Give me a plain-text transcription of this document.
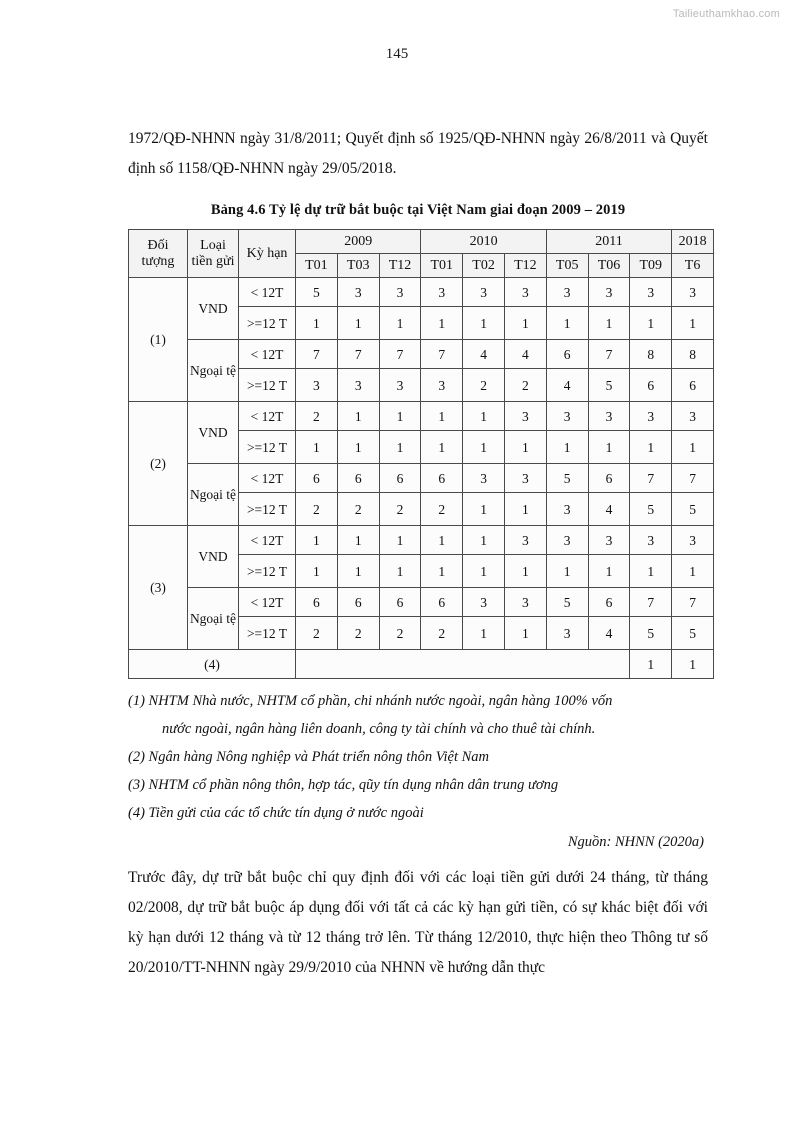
Tailieuthamkhao.com
145

1972/QĐ-NHNN ngày 31/8/2011; Quyết định số 1925/QĐ-NHNN ngày 26/8/2011 và Quyết định số 1158/QĐ-NHNN ngày 29/05/2018.

Bảng 4.6 Tỷ lệ dự trữ bắt buộc tại Việt Nam giai đoạn 2009 – 2019

Đối tượng	Loại tiền gửi	Kỳ hạn	2009			2010			2011			2018
			T01	T03	T12	T01	T02	T12	T05	T06	T09	T6
(1)	VND	< 12T	5	3	3	3	3	3	3	3	3	3
		>=12 T	1	1	1	1	1	1	1	1	1	1
	Ngoại tệ	< 12T	7	7	7	7	4	4	6	7	8	8
		>=12 T	3	3	3	3	2	2	4	5	6	6
(2)	VND	< 12T	2	1	1	1	1	3	3	3	3	3
		>=12 T	1	1	1	1	1	1	1	1	1	1
	Ngoại tệ	< 12T	6	6	6	6	3	3	5	6	7	7
		>=12 T	2	2	2	2	1	1	3	4	5	5
(3)	VND	< 12T	1	1	1	1	1	3	3	3	3	3
		>=12 T	1	1	1	1	1	1	1	1	1	1
	Ngoại tệ	< 12T	6	6	6	6	3	3	5	6	7	7
		>=12 T	2	2	2	2	1	1	3	4	5	5
(4)											1	1

(1) NHTM Nhà nước, NHTM cổ phần, chi nhánh nước ngoài, ngân hàng 100% vốn

nước ngoài, ngân hàng liên doanh, công ty tài chính và cho thuê tài chính.

(2) Ngân hàng Nông nghiệp và Phát triển nông thôn Việt Nam

(3) NHTM cổ phần nông thôn, hợp tác, qũy tín dụng nhân dân trung ương

(4) Tiền gửi của các tổ chức tín dụng ở nước ngoài

Nguồn: NHNN (2020a)

Trước đây, dự trữ bắt buộc chỉ quy định đối với các loại tiền gửi dưới 24 tháng, từ tháng 02/2008, dự trữ bắt buộc áp dụng đối với tất cả các kỳ hạn gửi tiền, có sự khác biệt đối với kỳ hạn dưới 12 tháng và từ 12 tháng trở lên. Từ tháng 12/2010, thực hiện theo Thông tư số 20/2010/TT-NHNN ngày 29/9/2010 của NHNN về hướng dẫn thực
